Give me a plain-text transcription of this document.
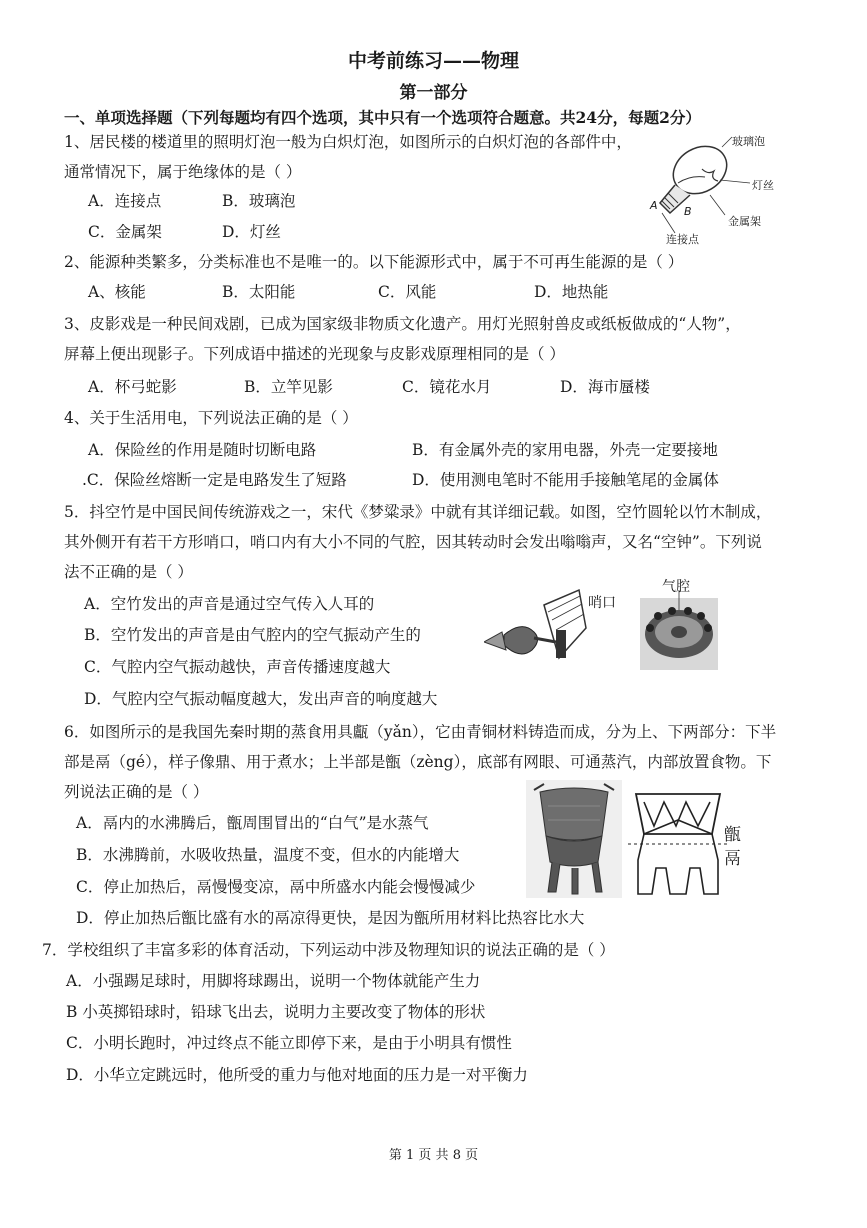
中考前练习——物理
第一部分
一、单项选择题（下列每题均有四个选项，其中只有一个选项符合题意。共24分，每题2分）
1、居民楼的楼道里的照明灯泡一般为白炽灯泡，如图所示的白炽灯泡的各部件中，
通常情况下，属于绝缘体的是（ ）
A．连接点	B．玻璃泡
C．金属架	D．灯丝
玻璃泡
灯丝
金属架
连接点
A B
2、能源种类繁多，分类标准也不是唯一的。以下能源形式中，属于不可再生能源的是（ ）
A、核能	B．太阳能	C．风能	D．地热能
3、皮影戏是一种民间戏剧，已成为国家级非物质文化遗产。用灯光照射兽皮或纸板做成的“人物”，
屏幕上便出现影子。下列成语中描述的光现象与皮影戏原理相同的是（ ）
A．杯弓蛇影	B．立竿见影	C．镜花水月	D．海市蜃楼
4、关于生活用电，下列说法正确的是（ ）
A．保险丝的作用是随时切断电路	B．有金属外壳的家用电器，外壳一定要接地
.C．保险丝熔断一定是电路发生了短路	D．使用测电笔时不能用手接触笔尾的金属体
5．抖空竹是中国民间传统游戏之一，宋代《梦粱录》中就有其详细记载。如图，空竹圆轮以竹木制成，
其外侧开有若干方形哨口，哨口内有大小不同的气腔，因其转动时会发出嗡嗡声，又名“空钟”。下列说
法不正确的是（ ）
A．空竹发出的声音是通过空气传入人耳的
B．空竹发出的声音是由气腔内的空气振动产生的
C．气腔内空气振动越快，声音传播速度越大
D．气腔内空气振动幅度越大，发出声音的响度越大
哨口
气腔
6．如图所示的是我国先秦时期的蒸食用具甗（yǎn），它由青铜材料铸造而成，分为上、下两部分：下半
部是鬲（gé），样子像鼎、用于煮水；上半部是甑（zèng），底部有网眼、可通蒸汽，内部放置食物。下
列说法正确的是（ ）
A．鬲内的水沸腾后，甑周围冒出的“白气”是水蒸气
B．水沸腾前，水吸收热量，温度不变，但水的内能增大
C．停止加热后，鬲慢慢变凉，鬲中所盛水内能会慢慢减少
D．停止加热后甑比盛有水的鬲凉得更快，是因为甑所用材料比热容比水大
甑
鬲
7．学校组织了丰富多彩的体育活动，下列运动中涉及物理知识的说法正确的是（ ）
A．小强踢足球时，用脚将球踢出，说明一个物体就能产生力
B 小英掷铅球时，铅球飞出去，说明力主要改变了物体的形状
C．小明长跑时，冲过终点不能立即停下来，是由于小明具有惯性
D．小华立定跳远时，他所受的重力与他对地面的压力是一对平衡力
第 1 页 共 8 页
